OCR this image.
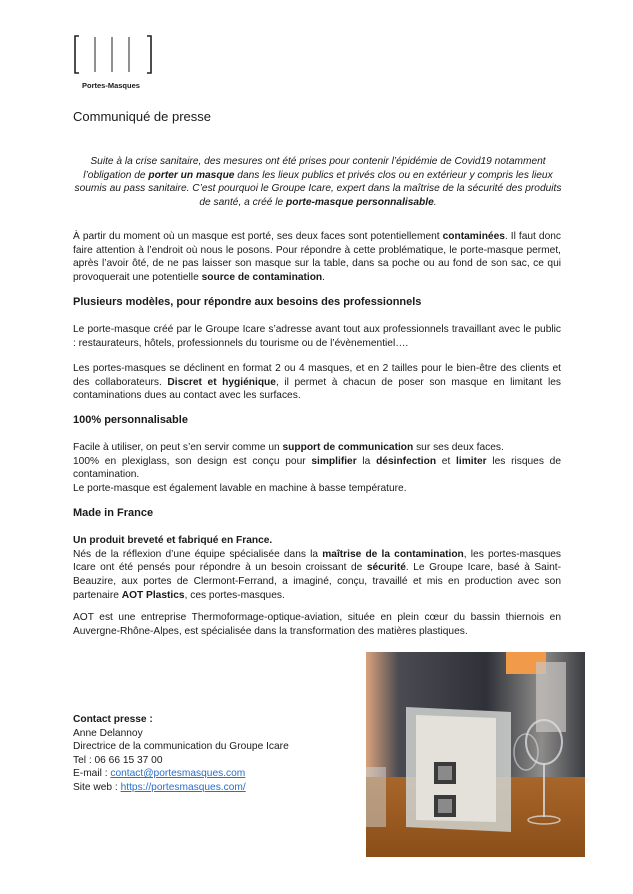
Portes-Masques
Communiqué de presse
Suite à la crise sanitaire, des mesures ont été prises pour contenir l’épidémie de Covid19 notamment l’obligation de porter un masque dans les lieux publics et privés clos ou en extérieur y compris les lieux soumis au pass sanitaire. C’est pourquoi le Groupe Icare, expert dans la maîtrise de la sécurité des produits de santé, a créé le porte-masque personnalisable.

À partir du moment où un masque est porté, ses deux faces sont potentiellement contaminées. Il faut donc faire attention à l’endroit où nous le posons. Pour répondre à cette problématique, le porte-masque permet, après l’avoir ôté, de ne pas laisser son masque sur la table, dans sa poche ou au fond de son sac, ce qui provoquerait une potentielle source de contamination.

Plusieurs modèles, pour répondre aux besoins des professionnels

Le porte-masque créé par le Groupe Icare s’adresse avant tout aux professionnels travaillant avec le public : restaurateurs, hôtels, professionnels du tourisme ou de l’évènementiel….

Les portes-masques se déclinent en format 2 ou 4 masques, et en 2 tailles pour le bien-être des clients et des collaborateurs. Discret et hygiénique, il permet à chacun de poser son masque en limitant les contaminations dues au contact avec les surfaces.

100% personnalisable

Facile à utiliser, on peut s’en servir comme un support de communication sur ses deux faces.

100% en plexiglass, son design est conçu pour simplifier la désinfection et limiter les risques de contamination.

Le porte-masque est également lavable en machine à basse température.

Made in France

Un produit breveté et fabriqué en France.

Nés de la réflexion d’une équipe spécialisée dans la maîtrise de la contamination, les portes-masques Icare ont été pensés pour répondre à un besoin croissant de sécurité. Le Groupe Icare, basé à Saint-Beauzire, aux portes de Clermont-Ferrand, a imaginé, conçu, travaillé et mis en production avec son partenaire AOT Plastics, ces portes-masques.

AOT est une entreprise Thermoformage-optique-aviation, située en plein cœur du bassin thiernois en Auvergne-Rhône-Alpes, est spécialisée dans la transformation des matières plastiques.

Contact presse :
Anne Delannoy
Directrice de la communication du Groupe Icare
Tel : 06 66 15 37 00
E-mail : contact@portesmasques.com
Site web : https://portesmasques.com/
